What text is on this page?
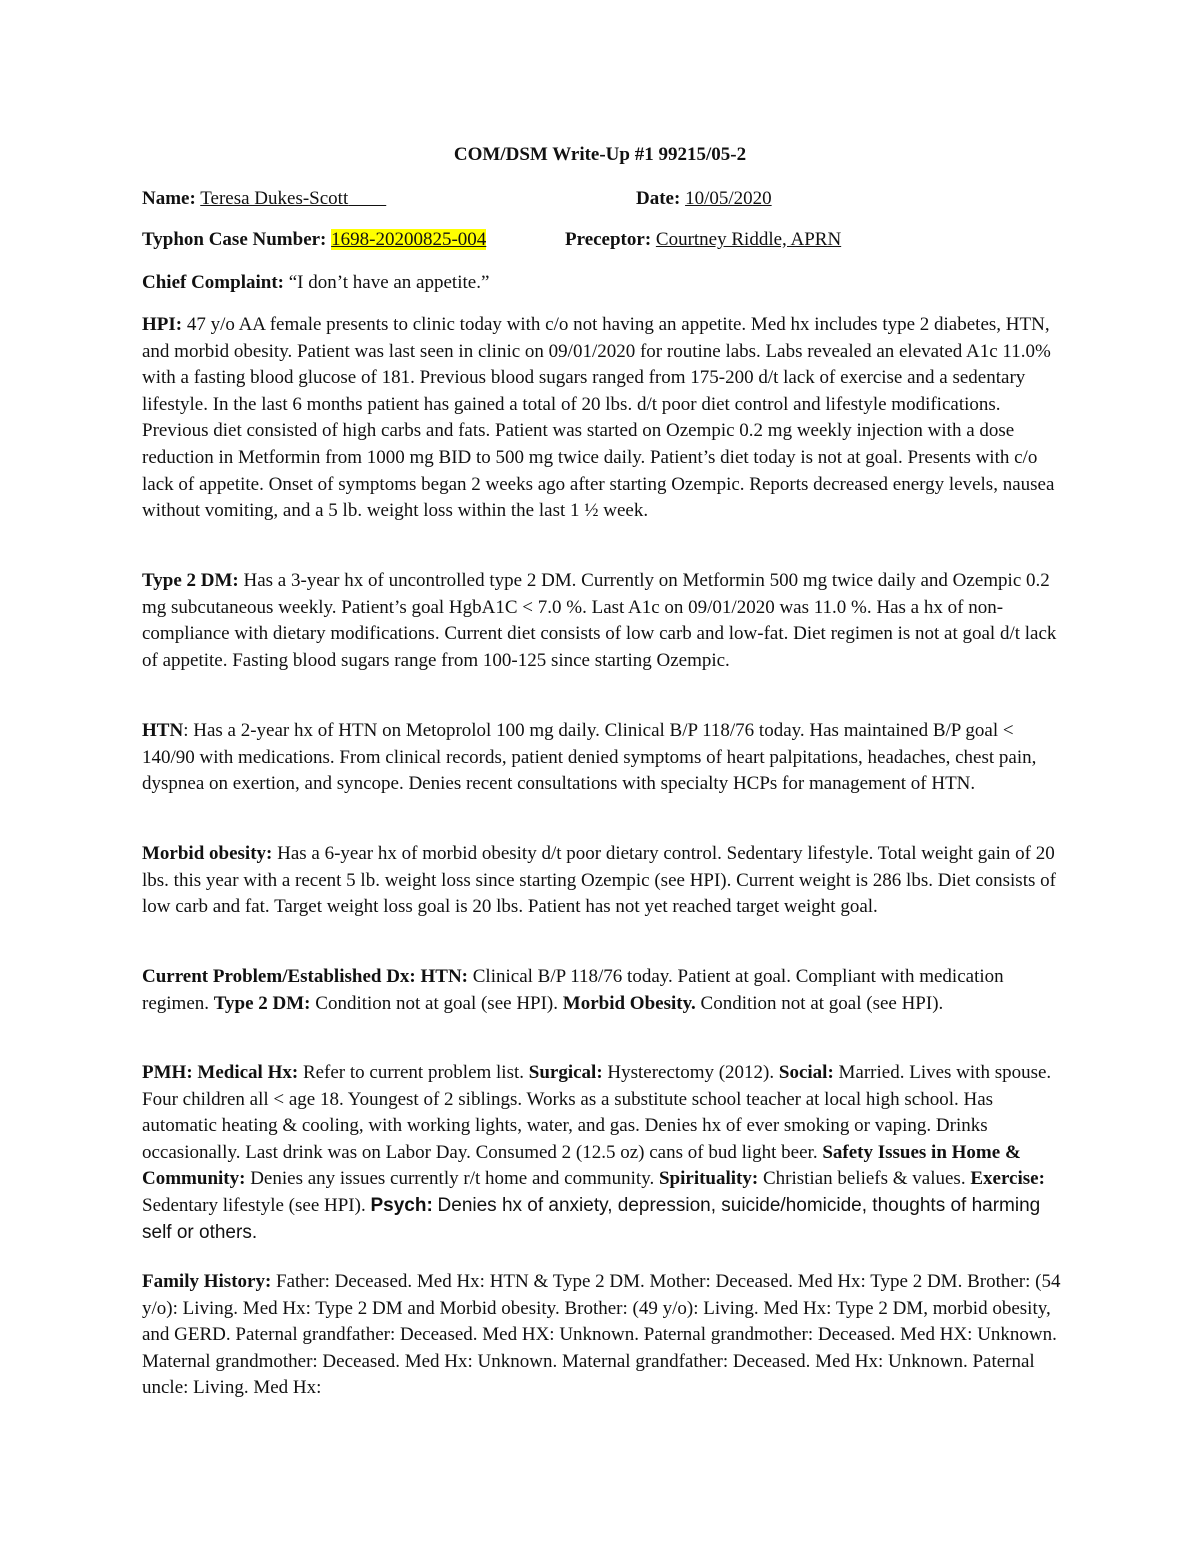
COM/DSM Write-Up #1 99215/05-2
Name: Teresa Dukes-Scott	Date: 10/05/2020
Typhon Case Number: 1698-20200825-004	Preceptor: Courtney Riddle, APRN
Chief Complaint: “I don’t have an appetite.”

HPI: 47 y/o AA female presents to clinic today with c/o not having an appetite. Med hx includes type 2 diabetes, HTN, and morbid obesity. Patient was last seen in clinic on 09/01/2020 for routine labs. Labs revealed an elevated A1c 11.0% with a fasting blood glucose of 181. Previous blood sugars ranged from 175-200 d/t lack of exercise and a sedentary lifestyle. In the last 6 months patient has gained a total of 20 lbs. d/t poor diet control and lifestyle modifications. Previous diet consisted of high carbs and fats. Patient was started on Ozempic 0.2 mg weekly injection with a dose reduction in Metformin from 1000 mg BID to 500 mg twice daily. Patient’s diet today is not at goal. Presents with c/o lack of appetite. Onset of symptoms began 2 weeks ago after starting Ozempic. Reports decreased energy levels, nausea without vomiting, and a 5 lb. weight loss within the last 1 ½ week.

Type 2 DM: Has a 3-year hx of uncontrolled type 2 DM. Currently on Metformin 500 mg twice daily and Ozempic 0.2 mg subcutaneous weekly. Patient’s goal HgbA1C < 7.0 %. Last A1c on 09/01/2020 was 11.0 %. Has a hx of non-compliance with dietary modifications. Current diet consists of low carb and low-fat. Diet regimen is not at goal d/t lack of appetite. Fasting blood sugars range from 100-125 since starting Ozempic.

HTN: Has a 2-year hx of HTN on Metoprolol 100 mg daily. Clinical B/P 118/76 today. Has maintained B/P goal < 140/90 with medications. From clinical records, patient denied symptoms of heart palpitations, headaches, chest pain, dyspnea on exertion, and syncope. Denies recent consultations with specialty HCPs for management of HTN.

Morbid obesity: Has a 6-year hx of morbid obesity d/t poor dietary control. Sedentary lifestyle. Total weight gain of 20 lbs. this year with a recent 5 lb. weight loss since starting Ozempic (see HPI). Current weight is 286 lbs. Diet consists of low carb and fat. Target weight loss goal is 20 lbs. Patient has not yet reached target weight goal.

Current Problem/Established Dx: HTN: Clinical B/P 118/76 today. Patient at goal. Compliant with medication regimen. Type 2 DM: Condition not at goal (see HPI). Morbid Obesity. Condition not at goal (see HPI).

PMH: Medical Hx: Refer to current problem list. Surgical: Hysterectomy (2012). Social: Married. Lives with spouse. Four children all < age 18. Youngest of 2 siblings. Works as a substitute school teacher at local high school. Has automatic heating & cooling, with working lights, water, and gas. Denies hx of ever smoking or vaping. Drinks occasionally. Last drink was on Labor Day. Consumed 2 (12.5 oz) cans of bud light beer. Safety Issues in Home & Community: Denies any issues currently r/t home and community. Spirituality: Christian beliefs & values. Exercise: Sedentary lifestyle (see HPI). Psych: Denies hx of anxiety, depression, suicide/homicide, thoughts of harming self or others.

Family History: Father: Deceased. Med Hx: HTN & Type 2 DM. Mother: Deceased. Med Hx: Type 2 DM. Brother: (54 y/o): Living. Med Hx: Type 2 DM and Morbid obesity. Brother: (49 y/o): Living. Med Hx: Type 2 DM, morbid obesity, and GERD. Paternal grandfather: Deceased. Med HX: Unknown. Paternal grandmother: Deceased. Med HX: Unknown. Maternal grandmother: Deceased. Med Hx: Unknown. Maternal grandfather: Deceased. Med Hx: Unknown. Paternal uncle: Living. Med Hx:
